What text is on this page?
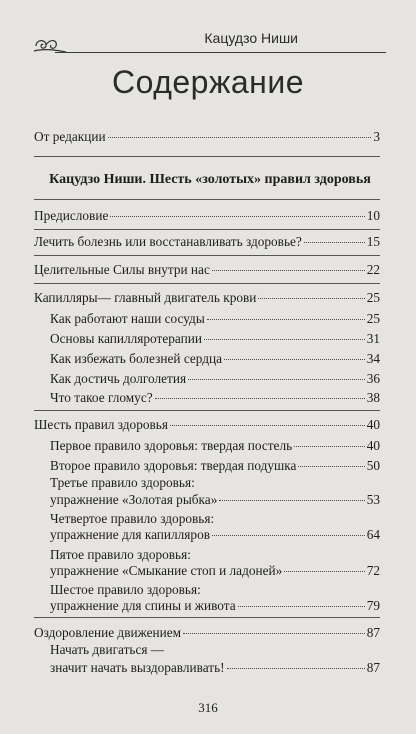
Кацудзо Ниши
Содержание
От редакции	3
Кацудзо Ниши. Шесть «золотых» правил здоровья
Предисловие	10
Лечить болезнь или восстанавливать здоровье?	15
Целительные Силы внутри нас	22
Капилляры— главный двигатель крови	25
Как работают наши сосуды	25
Основы капилляротерапии	31
Как избежать болезней сердца	34
Как достичь долголетия	36
Что такое гломус?	38
Шесть правил здоровья	40
Первое правило здоровья: твердая постель	40
Второе правило здоровья: твердая подушка	50
Третье правило здоровья:
упражнение «Золотая рыбка»	53
Четвертое правило здоровья:
упражнение для капилляров	64
Пятое правило здоровья:
упражнение «Смыкание стоп и ладоней»	72
Шестое правило здоровья:
упражнение для спины и живота	79
Оздоровление движением	87
Начать двигаться —
значит начать выздоравливать!	87
316
